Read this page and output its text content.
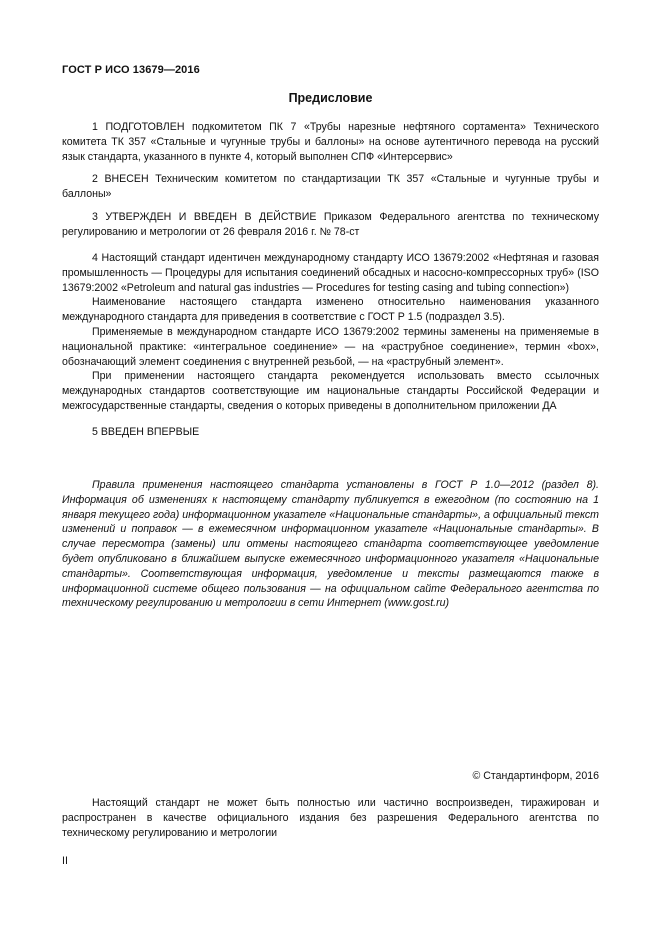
ГОСТ Р ИСО 13679—2016
Предисловие

1 ПОДГОТОВЛЕН подкомитетом ПК 7 «Трубы нарезные нефтяного сортамента» Технического комитета ТК 357 «Стальные и чугунные трубы и баллоны» на основе аутентичного перевода на русский язык стандарта, указанного в пункте 4, который выполнен СПФ «Интерсервис»

2 ВНЕСЕН Техническим комитетом по стандартизации ТК 357 «Стальные и чугунные трубы и баллоны»

3 УТВЕРЖДЕН И ВВЕДЕН В ДЕЙСТВИЕ Приказом Федерального агентства по техническому регулированию и метрологии от 26 февраля 2016 г. № 78-ст

4 Настоящий стандарт идентичен международному стандарту ИСО 13679:2002 «Нефтяная и газовая промышленность — Процедуры для испытания соединений обсадных и насосно-компрессорных труб» (ISO 13679:2002 «Petroleum and natural gas industries — Procedures for testing casing and tubing connection»)

Наименование настоящего стандарта изменено относительно наименования указанного международного стандарта для приведения в соответствие с ГОСТ Р 1.5 (подраздел 3.5).

Применяемые в международном стандарте ИСО 13679:2002 термины заменены на применяемые в национальной практике: «интегральное соединение» — на «раструбное соединение», термин «box», обозначающий элемент соединения с внутренней резьбой, — на «раструбный элемент».

При применении настоящего стандарта рекомендуется использовать вместо ссылочных международных стандартов соответствующие им национальные стандарты Российской Федерации и межгосударственные стандарты, сведения о которых приведены в дополнительном приложении ДА

5 ВВЕДЕН ВПЕРВЫЕ

Правила применения настоящего стандарта установлены в ГОСТ Р 1.0—2012 (раздел 8). Информация об изменениях к настоящему стандарту публикуется в ежегодном (по состоянию на 1 января текущего года) информационном указателе «Национальные стандарты», а официальный текст изменений и поправок — в ежемесячном информационном указателе «Национальные стандарты». В случае пересмотра (замены) или отмены настоящего стандарта соответствующее уведомление будет опубликовано в ближайшем выпуске ежемесячного информационного указателя «Национальные стандарты». Соответствующая информация, уведомление и тексты размещаются также в информационной системе общего пользования — на официальном сайте Федерального агентства по техническому регулированию и метрологии в сети Интернет (www.gost.ru)

© Стандартинформ, 2016

Настоящий стандарт не может быть полностью или частично воспроизведен, тиражирован и распространен в качестве официального издания без разрешения Федерального агентства по техническому регулированию и метрологии

II
